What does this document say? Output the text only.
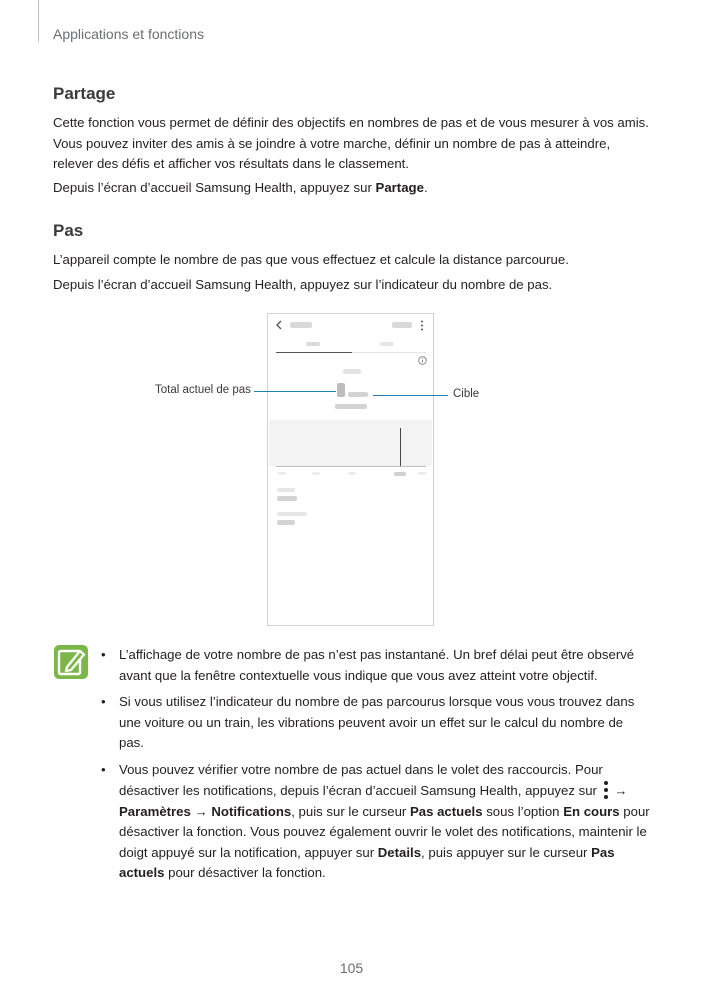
Applications et fonctions
Partage

Cette fonction vous permet de définir des objectifs en nombres de pas et de vous mesurer à vos amis. Vous pouvez inviter des amis à se joindre à votre marche, définir un nombre de pas à atteindre, relever des défis et afficher vos résultats dans le classement.

Depuis l’écran d’accueil Samsung Health, appuyez sur Partage.

Pas

L’appareil compte le nombre de pas que vous effectuez et calcule la distance parcourue.

Depuis l’écran d’accueil Samsung Health, appuyez sur l’indicateur du nombre de pas.

Total actuel de pas	Cible
• L’affichage de votre nombre de pas n’est pas instantané. Un bref délai peut être observé avant que la fenêtre contextuelle vous indique que vous avez atteint votre objectif.
• Si vous utilisez l’indicateur du nombre de pas parcourus lorsque vous vous trouvez dans une voiture ou un train, les vibrations peuvent avoir un effet sur le calcul du nombre de pas.
• Vous pouvez vérifier votre nombre de pas actuel dans le volet des raccourcis. Pour désactiver les notifications, depuis l’écran d’accueil Samsung Health, appuyez sur
→ Paramètres → Notifications, puis sur le curseur Pas actuels sous l’option En cours pour désactiver la fonction. Vous pouvez également ouvrir le volet des notifications, maintenir le doigt appuyé sur la notification, appuyer sur Details, puis appuyer sur le curseur Pas actuels pour désactiver la fonction.
105
